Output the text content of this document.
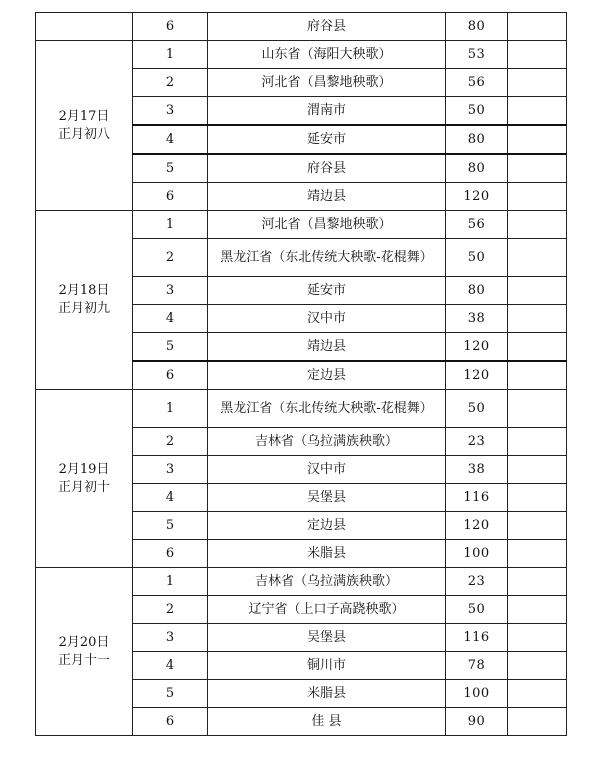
	6	府谷县	80	
2月17日
正月初八	1	山东省（海阳大秧歌）	53	
	2	河北省（昌黎地秧歌）	56	
	3	渭南市	50	
	4	延安市	80	
	5	府谷县	80	
	6	靖边县	120	
2月18日
正月初九	1	河北省（昌黎地秧歌）	56	
	2	黑龙江省（东北传统大秧歌-花棍舞）	50	
	3	延安市	80	
	4	汉中市	38	
	5	靖边县	120	
	6	定边县	120	
2月19日
正月初十	1	黑龙江省（东北传统大秧歌-花棍舞）	50	
	2	吉林省（乌拉满族秧歌）	23	
	3	汉中市	38	
	4	吴堡县	116	
	5	定边县	120	
	6	米脂县	100	
2月20日
正月十一	1	吉林省（乌拉满族秧歌）	23	
	2	辽宁省（上口子高跷秧歌）	50	
	3	吴堡县	116	
	4	铜川市	78	
	5	米脂县	100	
	6	佳 县	90	
